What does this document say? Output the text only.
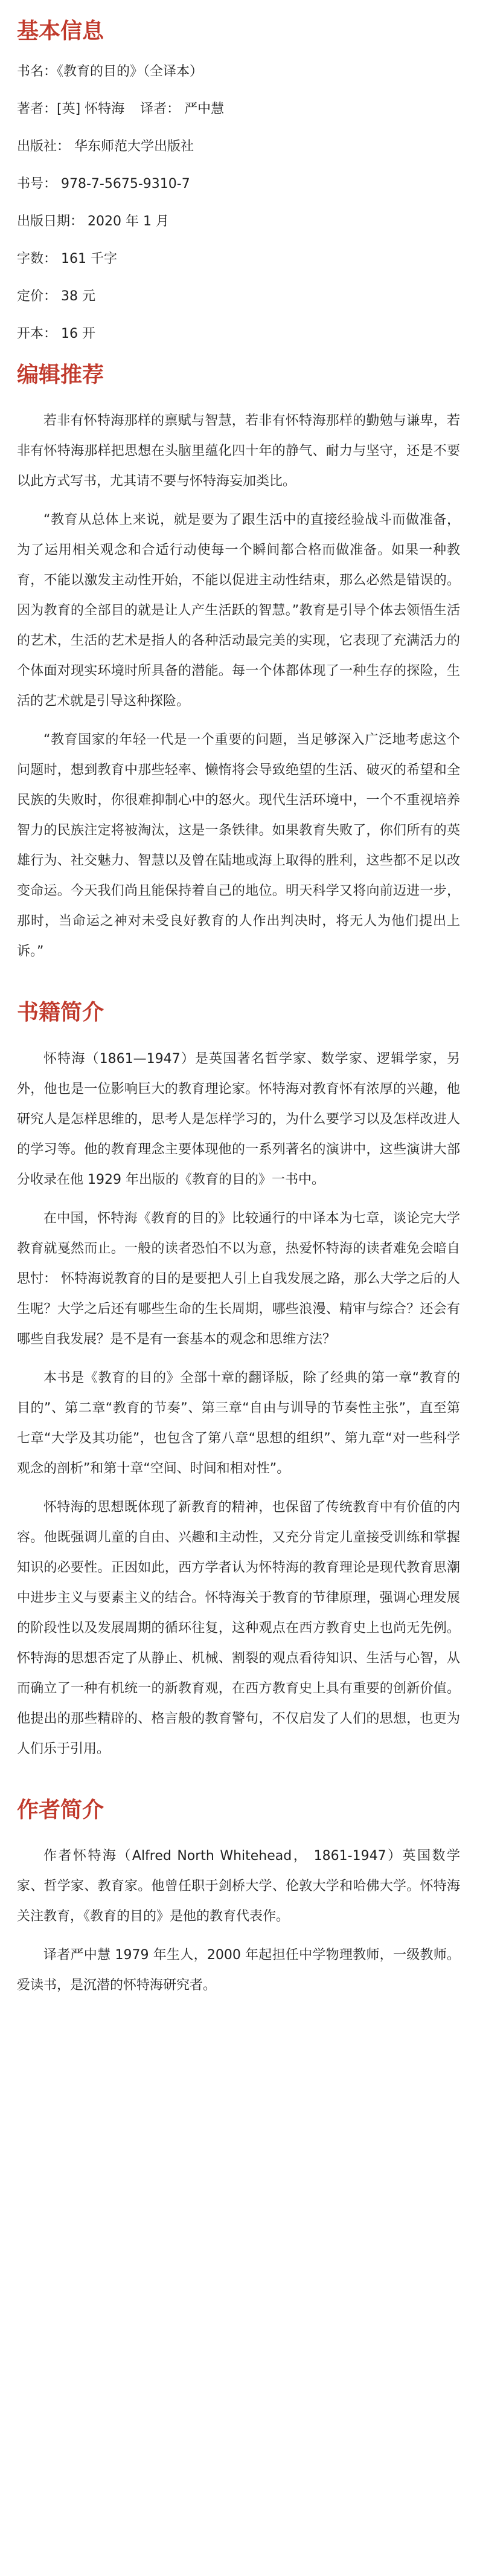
基本信息
书名：《教育的目的》（全译本）
著者：[英] 怀特海 译者： 严中慧
出版社： 华东师范大学出版社
书号： 978-7-5675-9310-7
出版日期： 2020 年 1 月
字数： 161 千字
定价： 38 元
开本： 16 开
编辑推荐

若非有怀特海那样的禀赋与智慧，若非有怀特海那样的勤勉与谦卑，若非有怀特海那样把思想在头脑里蕴化四十年的静气、耐力与坚守，还是不要以此方式写书，尤其请不要与怀特海妄加类比。

“教育从总体上来说，就是要为了跟生活中的直接经验战斗而做准备，为了运用相关观念和合适行动使每一个瞬间都合格而做准备。如果一种教育，不能以激发主动性开始，不能以促进主动性结束，那么必然是错误的。因为教育的全部目的就是让人产生活跃的智慧。”教育是引导个体去领悟生活的艺术，生活的艺术是指人的各种活动最完美的实现，它表现了充满活力的个体面对现实环境时所具备的潜能。每一个体都体现了一种生存的探险，生活的艺术就是引导这种探险。

“教育国家的年轻一代是一个重要的问题，当足够深入广泛地考虑这个问题时，想到教育中那些轻率、懒惰将会导致绝望的生活、破灭的希望和全民族的失败时，你很难抑制心中的怒火。现代生活环境中，一个不重视培养智力的民族注定将被淘汰，这是一条铁律。如果教育失败了，你们所有的英雄行为、社交魅力、智慧以及曾在陆地或海上取得的胜利，这些都不足以改变命运。今天我们尚且能保持着自己的地位。明天科学又将向前迈进一步，那时，当命运之神对未受良好教育的人作出判决时，将无人为他们提出上诉。”

书籍简介

怀特海（1861—1947）是英国著名哲学家、数学家、逻辑学家，另外，他也是一位影响巨大的教育理论家。怀特海对教育怀有浓厚的兴趣，他研究人是怎样思维的，思考人是怎样学习的，为什么要学习以及怎样改进人的学习等。他的教育理念主要体现他的一系列著名的演讲中，这些演讲大部分收录在他 1929 年出版的《教育的目的》一书中。

在中国，怀特海《教育的目的》比较通行的中译本为七章，谈论完大学教育就戛然而止。一般的读者恐怕不以为意，热爱怀特海的读者难免会暗自思忖： 怀特海说教育的目的是要把人引上自我发展之路，那么大学之后的人生呢？大学之后还有哪些生命的生长周期，哪些浪漫、精审与综合？还会有哪些自我发展？是不是有一套基本的观念和思维方法？

本书是《教育的目的》全部十章的翻译版，除了经典的第一章“教育的目的”、第二章“教育的节奏”、第三章“自由与训导的节奏性主张”，直至第七章“大学及其功能”，也包含了第八章“思想的组织”、第九章“对一些科学观念的剖析”和第十章“空间、时间和相对性”。

怀特海的思想既体现了新教育的精神，也保留了传统教育中有价值的内容。他既强调儿童的自由、兴趣和主动性，又充分肯定儿童接受训练和掌握知识的必要性。正因如此，西方学者认为怀特海的教育理论是现代教育思潮中进步主义与要素主义的结合。怀特海关于教育的节律原理，强调心理发展的阶段性以及发展周期的循环往复，这种观点在西方教育史上也尚无先例。怀特海的思想否定了从静止、机械、割裂的观点看待知识、生活与心智，从而确立了一种有机统一的新教育观，在西方教育史上具有重要的创新价值。他提出的那些精辟的、格言般的教育警句，不仅启发了人们的思想，也更为人们乐于引用。

作者简介

作者怀特海（Alfred North Whitehead， 1861-1947）英国数学家、哲学家、教育家。他曾任职于剑桥大学、伦敦大学和哈佛大学。怀特海关注教育，《教育的目的》是他的教育代表作。

译者严中慧 1979 年生人，2000 年起担任中学物理教师，一级教师。爱读书，是沉潜的怀特海研究者。
